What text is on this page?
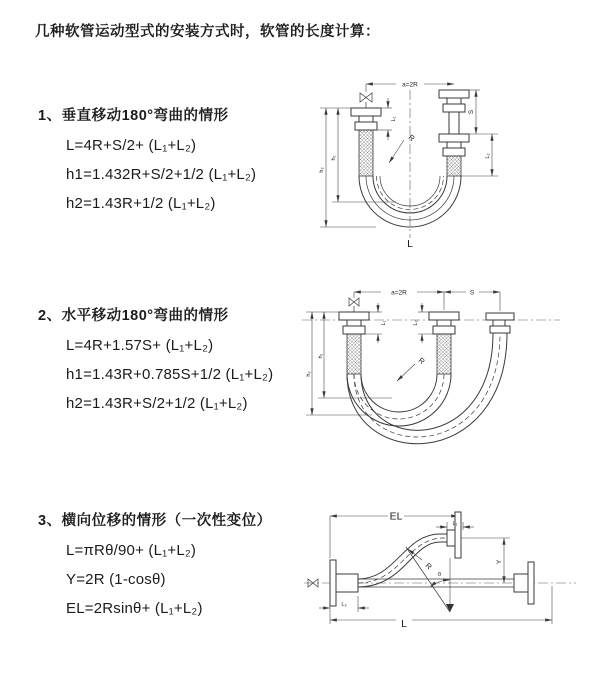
几种软管运动型式的安装方式时，软管的长度计算：
1、垂直移动180°弯曲的情形

L=4R+S/2+ (L₁+L₂)

h1=1.432R+S/2+1/2 (L₁+L₂)

h2=1.43R+1/2 (L₁+L₂)

a=2R
L₁
S
L₂
h₁
h₂
R
L
2、水平移动180°弯曲的情形

L=4R+1.57S+ (L₁+L₂)

h1=1.43R+0.785S+1/2 (L₁+L₂)

h2=1.43R+S/2+1/2 (L₁+L₂)

a=2R	S
L₁	L₂
h₁
h₂
R
3、横向位移的情形（一次性变位）

L=πRθ/90+ (L₁+L₂)

Y=2R (1-cosθ)

EL=2Rsinθ+ (L₁+L₂)

EL
L₁
Y
R
θ
L
L₂
